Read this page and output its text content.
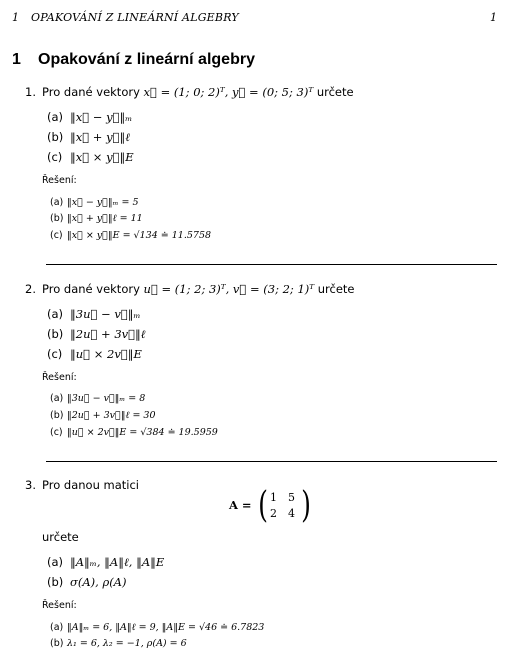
1 OPAKOVÁNÍ Z LINEÁRNÍ ALGEBRY	1
1 Opakování z lineární algebry
1. Pro dané vektory x⃗ = (1; 0; 2)ᵀ, y⃗ = (0; 5; 3)ᵀ určete
(a) ‖x⃗ − y⃗‖ₘ
(b) ‖x⃗ + y⃗‖ℓ
(c) ‖x⃗ × y⃗‖E
Řešení:
(a) ‖x⃗ − y⃗‖ₘ = 5
(b) ‖x⃗ + y⃗‖ℓ = 11
(c) ‖x⃗ × y⃗‖E = √134 ≐ 11.5758
2. Pro dané vektory u⃗ = (1; 2; 3)ᵀ, v⃗ = (3; 2; 1)ᵀ určete
(a) ‖3u⃗ − v⃗‖ₘ
(b) ‖2u⃗ + 3v⃗‖ℓ
(c) ‖u⃗ × 2v⃗‖E
Řešení:
(a) ‖3u⃗ − v⃗‖ₘ = 8
(b) ‖2u⃗ + 3v⃗‖ℓ = 30
(c) ‖u⃗ × 2v⃗‖E = √384 ≐ 19.5959
3. Pro danou matici
A = ( 1 5
2 4 )
určete
(a) ‖A‖ₘ, ‖A‖ℓ, ‖A‖E
(b) σ(A), ρ(A)
Řešení:
(a) ‖A‖ₘ = 6, ‖A‖ℓ = 9, ‖A‖E = √46 ≐ 6.7823
(b) λ₁ = 6, λ₂ = −1, ρ(A) = 6
